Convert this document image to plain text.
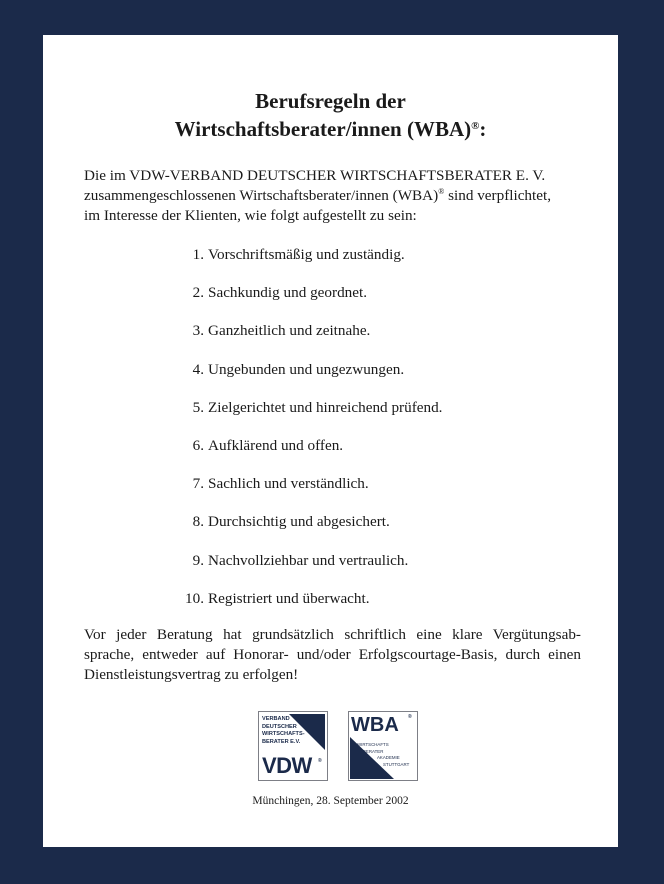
Berufsregeln der
Wirtschaftsberater/innen (WBA)®:
Die im VDW-VERBAND DEUTSCHER WIRTSCHAFTSBERATER E. V.
zusammengeschlossenen Wirtschaftsberater/innen (WBA)® sind verpflichtet,
im Interesse der Klienten, wie folgt aufgestellt zu sein:
1. Vorschriftsmäßig und zuständig.
2. Sachkundig und geordnet.
3. Ganzheitlich und zeitnahe.
4. Ungebunden und ungezwungen.
5. Zielgerichtet und hinreichend prüfend.
6. Aufklärend und offen.
7. Sachlich und verständlich.
8. Durchsichtig und abgesichert.
9. Nachvollziehbar und vertraulich.
10. Registriert und überwacht.
Vor jeder Beratung hat grundsätzlich schriftlich eine klare Vergütungsab-
sprache, entweder auf Honorar- und/oder Erfolgscourtage-Basis, durch einen
Dienstleistungsvertrag zu erfolgen!
VERBAND
DEUTSCHER
WIRTSCHAFTS-
BERATER E.V.
VDW ®
WBA ®
WIRTSCHAFTS
BERATER
AKADEMIE
STUTTGART
Münchingen, 28. September 2002
